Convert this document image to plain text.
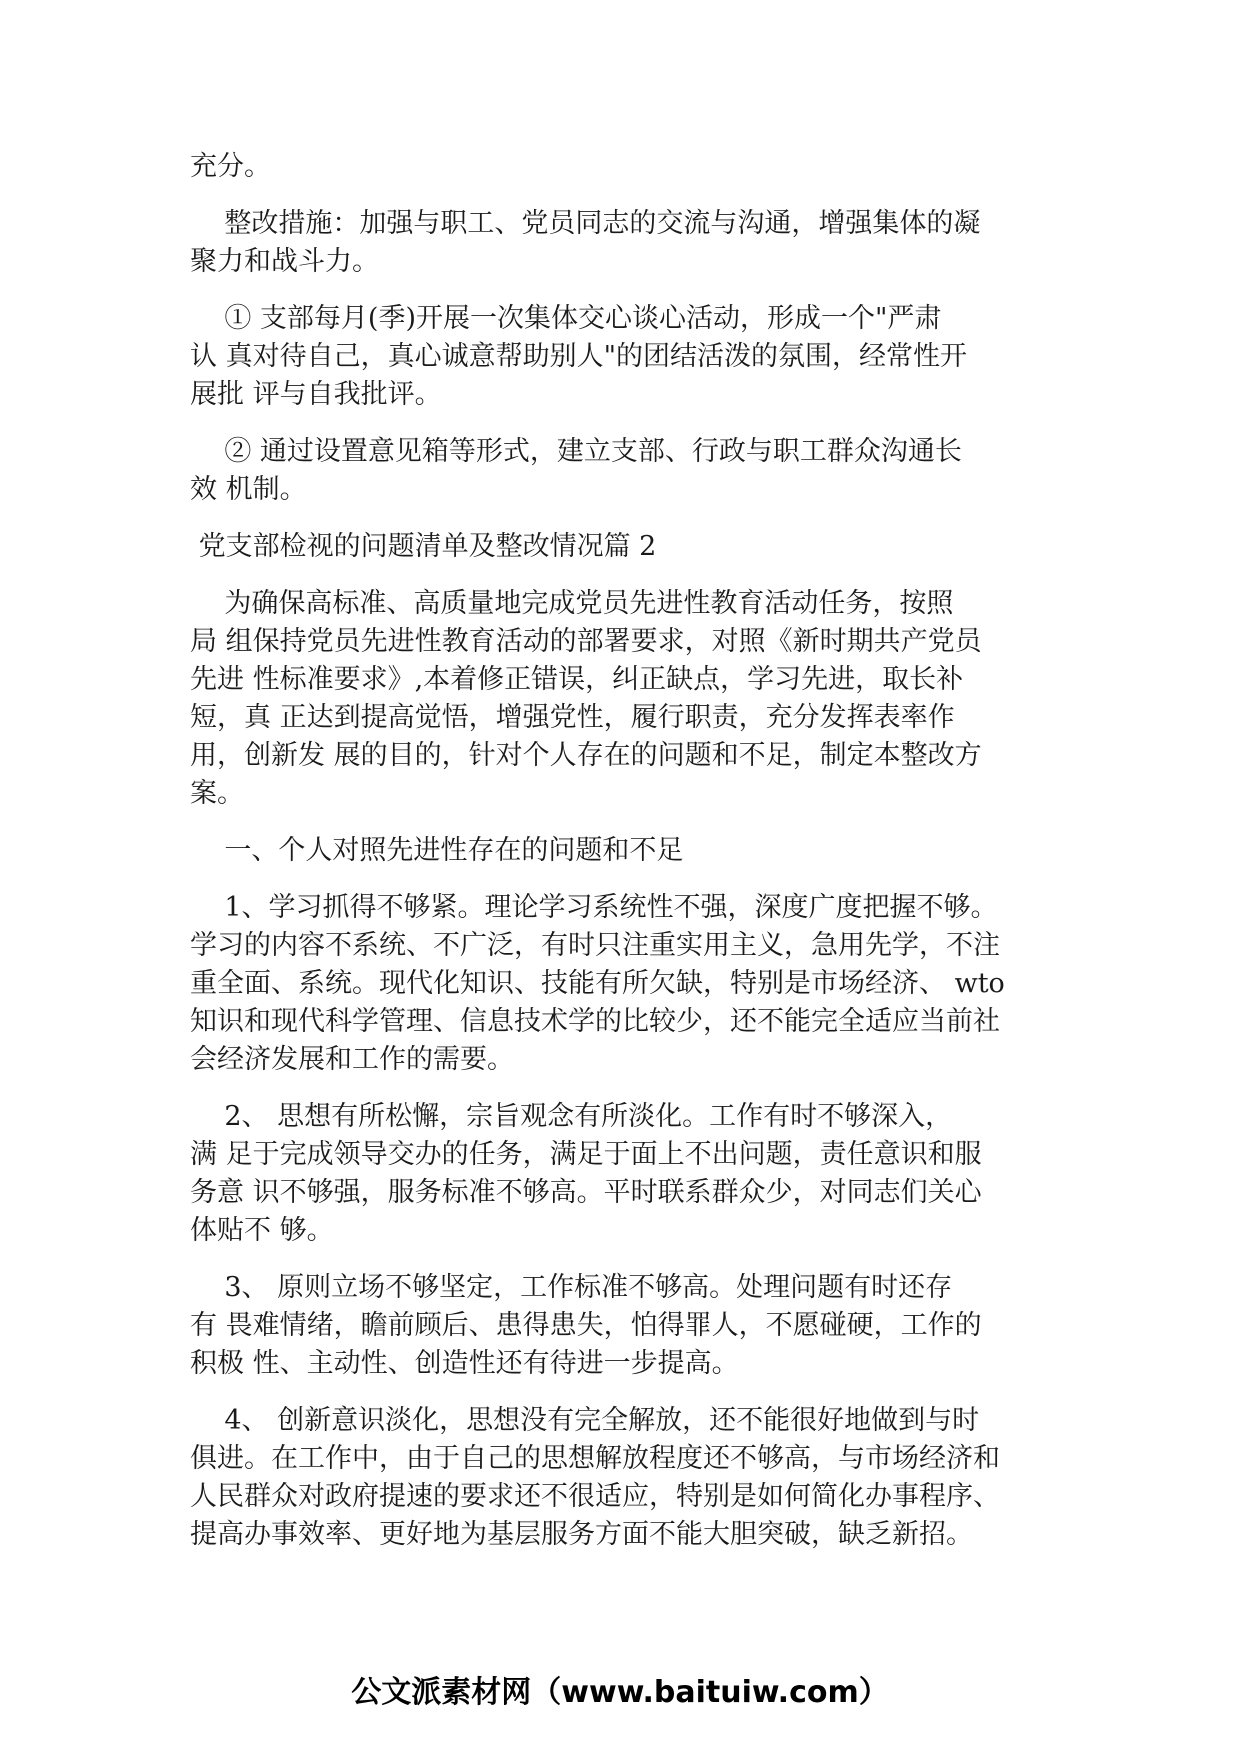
充分。

整改措施：加强与职工、党员同志的交流与沟通，增强集体的凝
聚力和战斗力。

① 支部每月(季)开展一次集体交心谈心活动，形成一个"严肃
认 真对待自己，真心诚意帮助别人"的团结活泼的氛围，经常性开
展批 评与自我批评。

② 通过设置意见箱等形式，建立支部、行政与职工群众沟通长
效 机制。

党支部检视的问题清单及整改情况篇 2

为确保高标准、高质量地完成党员先进性教育活动任务，按照
局 组保持党员先进性教育活动的部署要求，对照《新时期共产党员
先进 性标准要求》,本着修正错误，纠正缺点，学习先进，取长补
短，真 正达到提高觉悟，增强党性，履行职责，充分发挥表率作
用，创新发 展的目的，针对个人存在的问题和不足，制定本整改方
案。

一、个人对照先进性存在的问题和不足

1、学习抓得不够紧。理论学习系统性不强，深度广度把握不够。
学习的内容不系统、不广泛，有时只注重实用主义，急用先学，不注
重全面、系统。现代化知识、技能有所欠缺，特别是市场经济、 wto
知识和现代科学管理、信息技术学的比较少，还不能完全适应当前社
会经济发展和工作的需要。

2、 思想有所松懈，宗旨观念有所淡化。工作有时不够深入，
满 足于完成领导交办的任务，满足于面上不出问题，责任意识和服
务意 识不够强，服务标准不够高。平时联系群众少，对同志们关心
体贴不 够。

3、 原则立场不够坚定，工作标准不够高。处理问题有时还存
有 畏难情绪，瞻前顾后、患得患失，怕得罪人，不愿碰硬，工作的
积极 性、主动性、创造性还有待进一步提高。

4、 创新意识淡化，思想没有完全解放，还不能很好地做到与时
俱进。在工作中，由于自己的思想解放程度还不够高，与市场经济和
人民群众对政府提速的要求还不很适应，特别是如何简化办事程序、
提高办事效率、更好地为基层服务方面不能大胆突破，缺乏新招。

公文派素材网（www.baituiw.com）
